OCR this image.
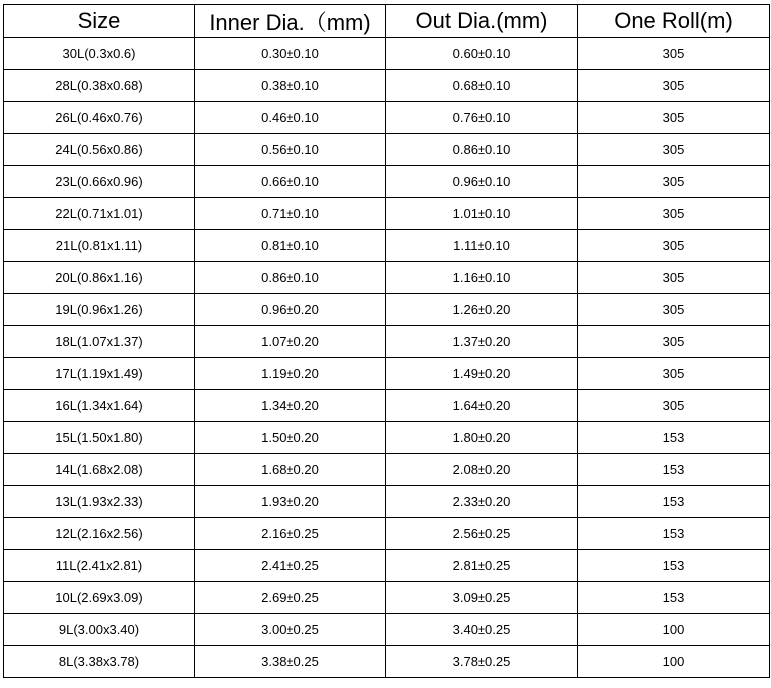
Size	Inner Dia.（mm)	Out Dia.(mm)	One Roll(m)
30L(0.3x0.6)	0.30±0.10	0.60±0.10	305
28L(0.38x0.68)	0.38±0.10	0.68±0.10	305
26L(0.46x0.76)	0.46±0.10	0.76±0.10	305
24L(0.56x0.86)	0.56±0.10	0.86±0.10	305
23L(0.66x0.96)	0.66±0.10	0.96±0.10	305
22L(0.71x1.01)	0.71±0.10	1.01±0.10	305
21L(0.81x1.11)	0.81±0.10	1.11±0.10	305
20L(0.86x1.16)	0.86±0.10	1.16±0.10	305
19L(0.96x1.26)	0.96±0.20	1.26±0.20	305
18L(1.07x1.37)	1.07±0.20	1.37±0.20	305
17L(1.19x1.49)	1.19±0.20	1.49±0.20	305
16L(1.34x1.64)	1.34±0.20	1.64±0.20	305
15L(1.50x1.80)	1.50±0.20	1.80±0.20	153
14L(1.68x2.08)	1.68±0.20	2.08±0.20	153
13L(1.93x2.33)	1.93±0.20	2.33±0.20	153
12L(2.16x2.56)	2.16±0.25	2.56±0.25	153
11L(2.41x2.81)	2.41±0.25	2.81±0.25	153
10L(2.69x3.09)	2.69±0.25	3.09±0.25	153
9L(3.00x3.40)	3.00±0.25	3.40±0.25	100
8L(3.38x3.78)	3.38±0.25	3.78±0.25	100
